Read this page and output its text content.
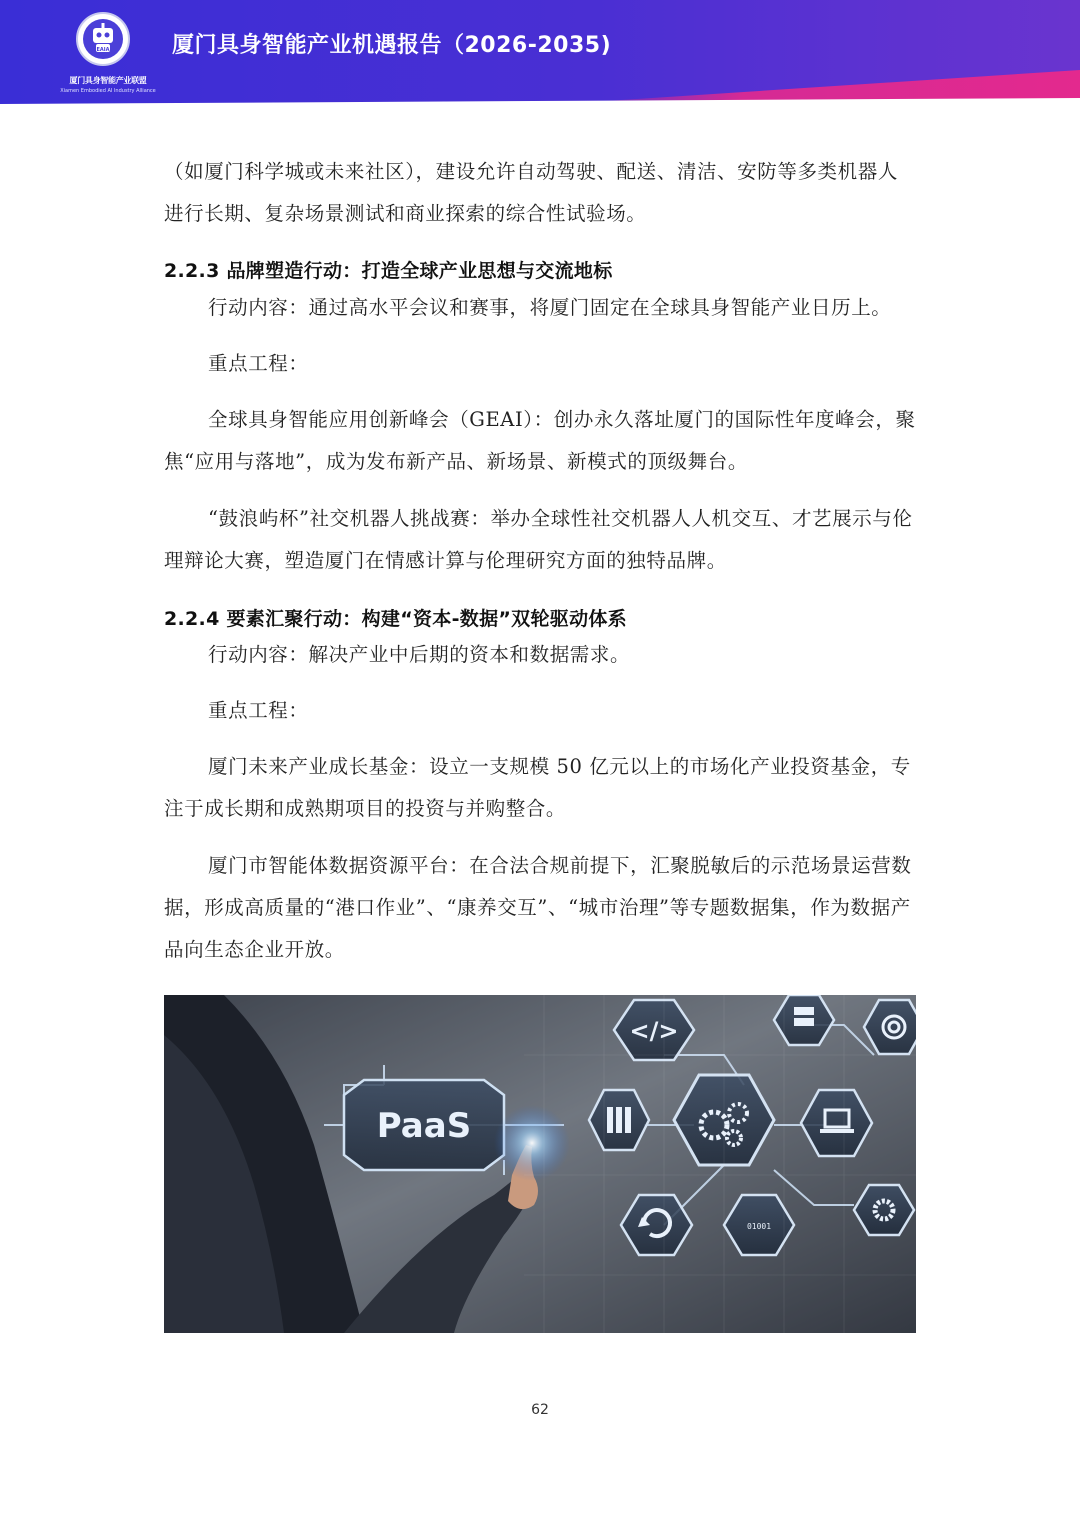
EAIA
厦门具身智能产业联盟
Xiamen Embodied AI Industry Alliance
厦门具身智能产业机遇报告（2026-2035)

（如厦门科学城或未来社区），建设允许自动驾驶、配送、清洁、安防等多类机器人进行长期、复杂场景测试和商业探索的综合性试验场。

2.2.3 品牌塑造行动：打造全球产业思想与交流地标

行动内容：通过高水平会议和赛事，将厦门固定在全球具身智能产业日历上。

重点工程：

全球具身智能应用创新峰会（GEAI）：创办永久落址厦门的国际性年度峰会，聚焦“应用与落地”，成为发布新产品、新场景、新模式的顶级舞台。

“鼓浪屿杯”社交机器人挑战赛：举办全球性社交机器人人机交互、才艺展示与伦理辩论大赛，塑造厦门在情感计算与伦理研究方面的独特品牌。

2.2.4 要素汇聚行动：构建“资本-数据”双轮驱动体系

行动内容：解决产业中后期的资本和数据需求。

重点工程：

厦门未来产业成长基金：设立一支规模 50 亿元以上的市场化产业投资基金，专注于成长期和成熟期项目的投资与并购整合。

厦门市智能体数据资源平台：在合法合规前提下，汇聚脱敏后的示范场景运营数据，形成高质量的“港口作业”、“康养交互”、“城市治理”等专题数据集，作为数据产品向生态企业开放。

PaaS
</>
01001
62
